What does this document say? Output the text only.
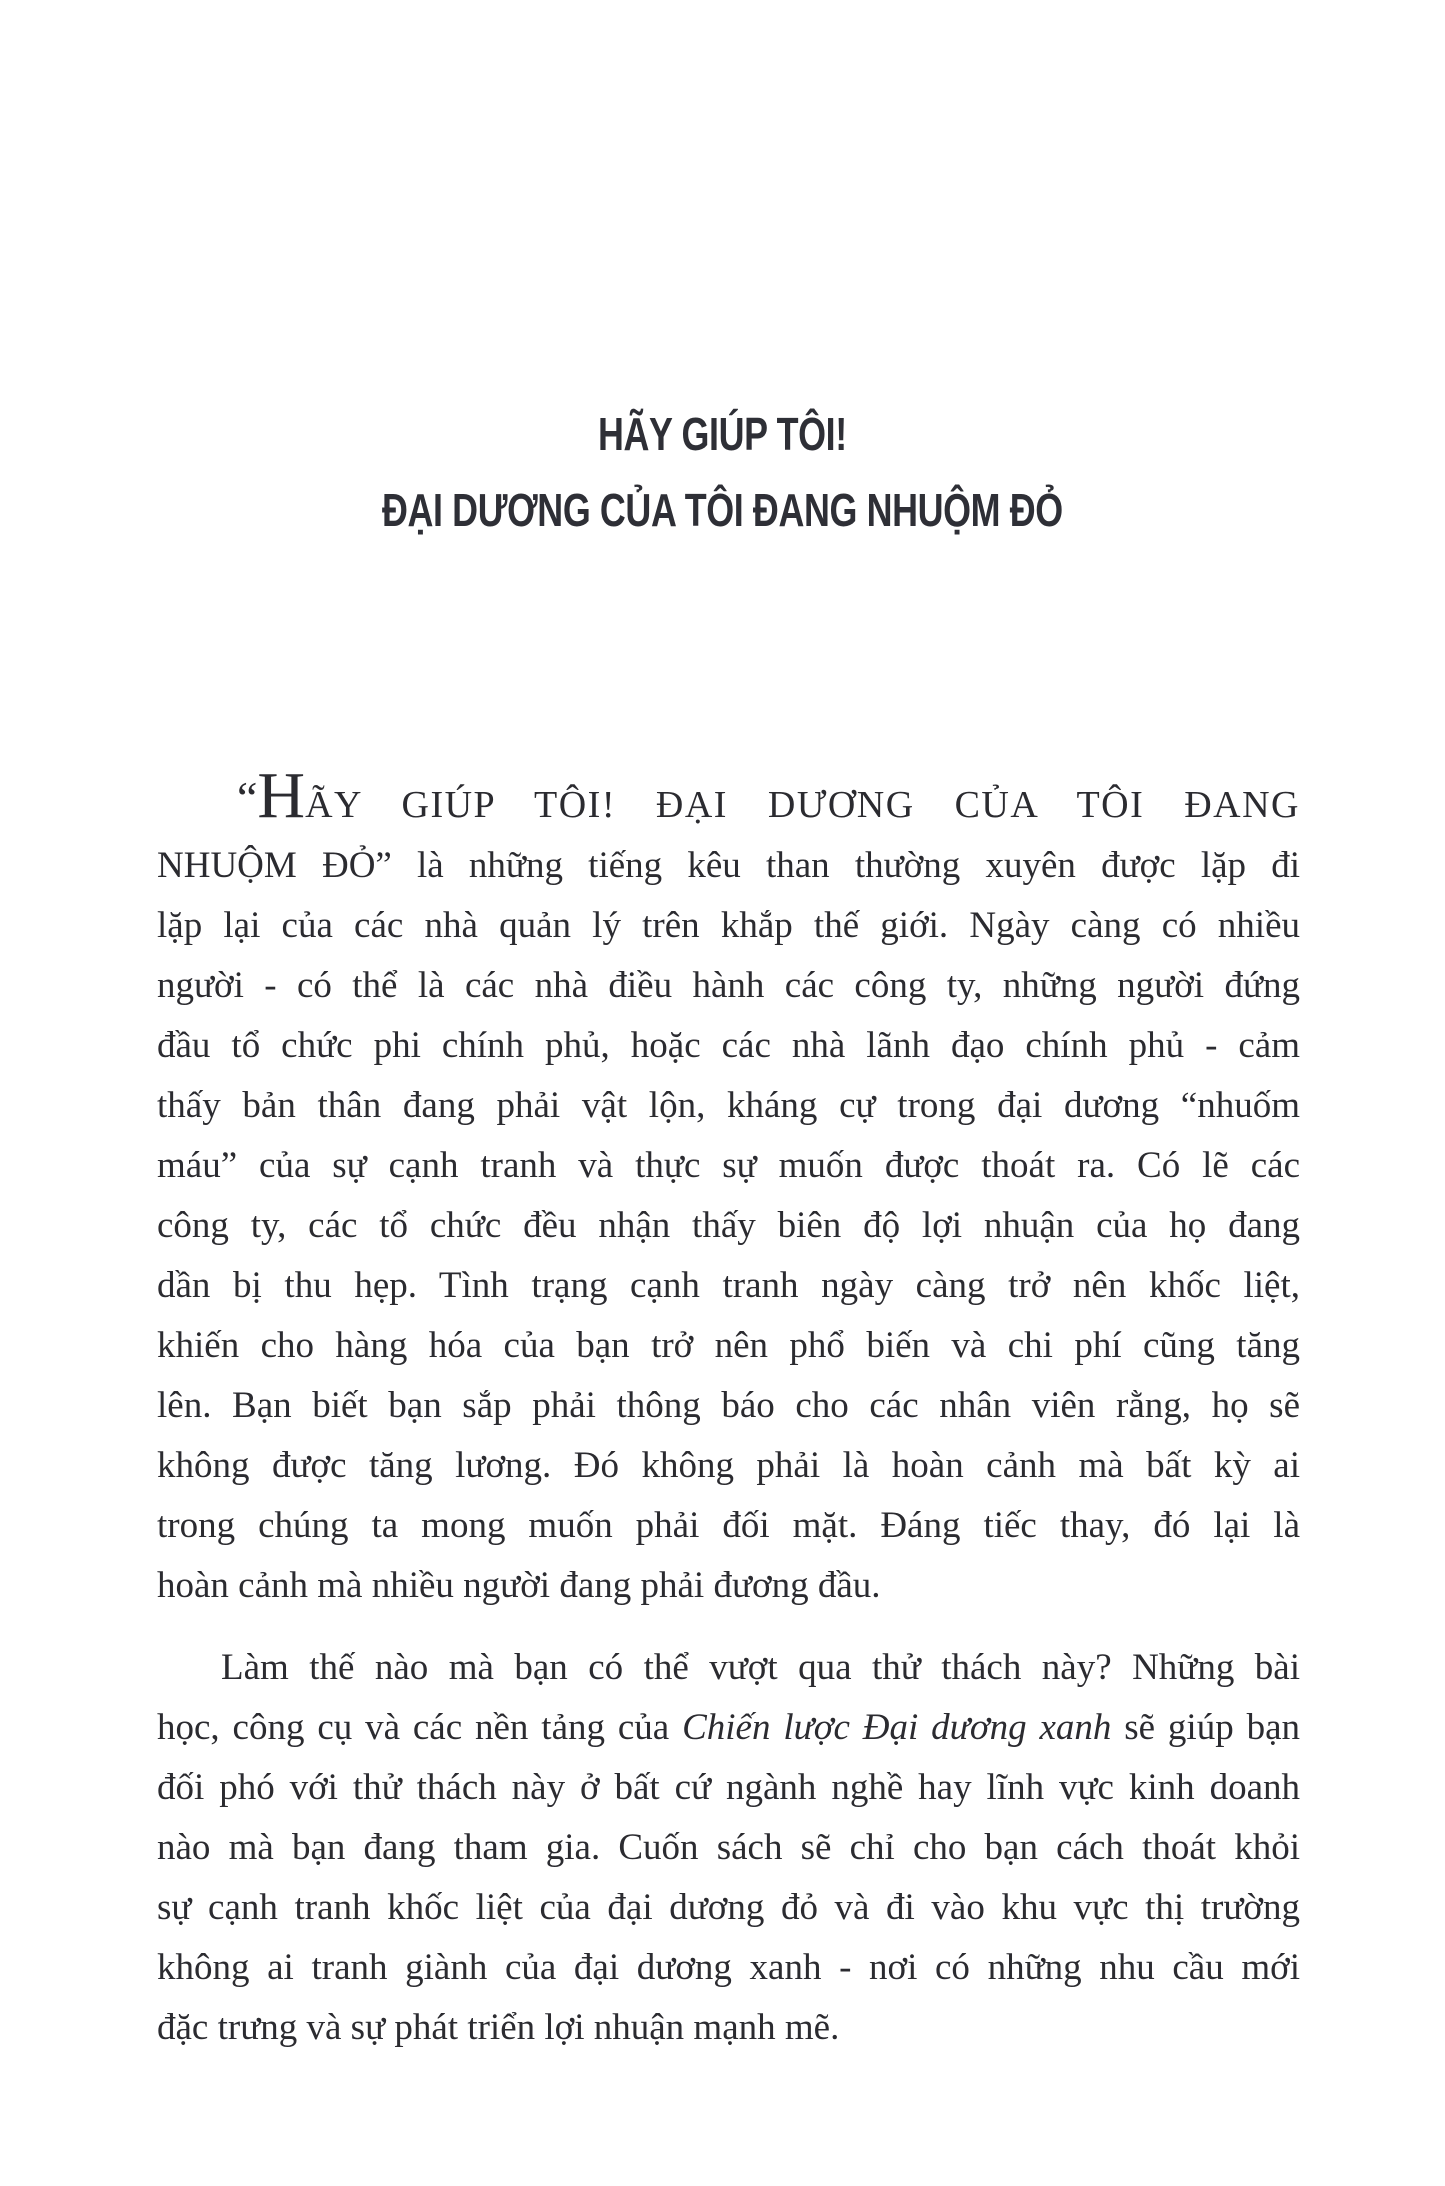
HÃY GIÚP TÔI!
ĐẠI DƯƠNG CỦA TÔI ĐANG NHUỘM ĐỎ
“HÃY GIÚP TÔI! ĐẠI DƯƠNG CỦA TÔI ĐANG
NHUỘM ĐỎ” là những tiếng kêu than thường xuyên được lặp đi
lặp lại của các nhà quản lý trên khắp thế giới. Ngày càng có nhiều
người - có thể là các nhà điều hành các công ty, những người đứng
đầu tổ chức phi chính phủ, hoặc các nhà lãnh đạo chính phủ - cảm
thấy bản thân đang phải vật lộn, kháng cự trong đại dương “nhuốm
máu” của sự cạnh tranh và thực sự muốn được thoát ra. Có lẽ các
công ty, các tổ chức đều nhận thấy biên độ lợi nhuận của họ đang
dần bị thu hẹp. Tình trạng cạnh tranh ngày càng trở nên khốc liệt,
khiến cho hàng hóa của bạn trở nên phổ biến và chi phí cũng tăng
lên. Bạn biết bạn sắp phải thông báo cho các nhân viên rằng, họ sẽ
không được tăng lương. Đó không phải là hoàn cảnh mà bất kỳ ai
trong chúng ta mong muốn phải đối mặt. Đáng tiếc thay, đó lại là
hoàn cảnh mà nhiều người đang phải đương đầu.
Làm thế nào mà bạn có thể vượt qua thử thách này? Những bài
học, công cụ và các nền tảng của Chiến lược Đại dương xanh sẽ giúp bạn
đối phó với thử thách này ở bất cứ ngành nghề hay lĩnh vực kinh doanh
nào mà bạn đang tham gia. Cuốn sách sẽ chỉ cho bạn cách thoát khỏi
sự cạnh tranh khốc liệt của đại dương đỏ và đi vào khu vực thị trường
không ai tranh giành của đại dương xanh - nơi có những nhu cầu mới
đặc trưng và sự phát triển lợi nhuận mạnh mẽ.
